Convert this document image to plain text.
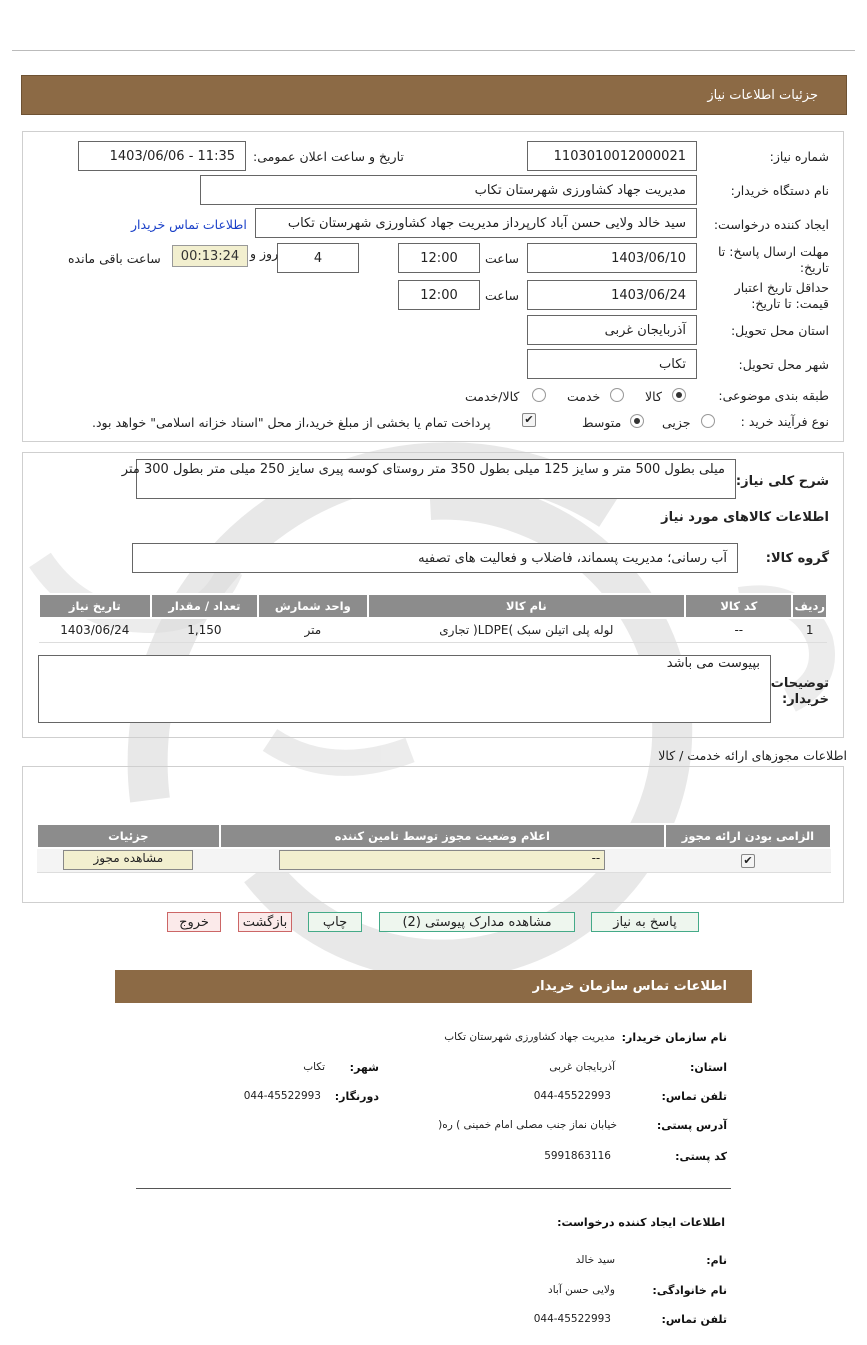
جزئیات اطلاعات نیاز
شماره نیاز:
1103010012000021
تاریخ و ساعت اعلان عمومی:
1403/06/06 - 11:35
نام دستگاه خریدار:
مدیریت جهاد کشاورزی شهرستان تکاب
ایجاد کننده درخواست:
سید خالد ولایی حسن آباد کارپرداز مدیریت جهاد کشاورزی شهرستان تکاب
اطلاعات تماس خریدار
مهلت ارسال پاسخ: تا تاریخ:
1403/06/10
ساعت
12:00
4
روز و
00:13:24
ساعت باقی مانده
حداقل تاریخ اعتبار قیمت: تا تاریخ:
1403/06/24
ساعت
12:00
استان محل تحویل:
آذربایجان غربی
شهر محل تحویل:
تکاب
طبقه بندی موضوعی:
کالا
خدمت
کالا/خدمت
نوع فرآیند خرید :
جزیی
متوسط
✔
پرداخت تمام یا بخشی از مبلغ خرید،از محل "اسناد خزانه اسلامی" خواهد بود.
شرح کلی نیاز:
میلی بطول 500 متر و سایز 125 میلی بطول 350 متر روستای کوسه پیری سایز 250 میلی متر بطول 300 متر
اطلاعات کالاهای مورد نیاز
گروه کالا:
آب رسانی؛ مدیریت پسماند، فاضلاب و فعالیت های تصفیه
ردیف	کد کالا	نام کالا	واحد شمارش	تعداد / مقدار	تاریخ نیاز
1	--	لوله پلی اتیلن سبک )LDPE( تجاری	متر	1,150	1403/06/24
توضیحات خریدار:
بپیوست می باشد
اطلاعات مجوزهای ارائه خدمت / کالا
الزامی بودن ارائه مجوز	اعلام وضعیت مجوز توسط تامین کننده	جزئیات
✔	--	مشاهده مجوز
پاسخ به نیاز
مشاهده مدارک پیوستی (2)
چاپ
بازگشت
خروج
اطلاعات تماس سازمان خریدار
نام سازمان خریدار:
مدیریت جهاد کشاورزی شهرستان تکاب
استان:
آذربایجان غربی
شهر:
تکاب
تلفن تماس:
044-45522993
دورنگار:
044-45522993
آدرس پستی:
خیابان نماز جنب مصلی امام خمینی ) ره(
کد پستی:
5991863116
اطلاعات ایجاد کننده درخواست:
نام:
سید خالد
نام خانوادگی:
ولایی حسن آباد
تلفن تماس:
044-45522993
